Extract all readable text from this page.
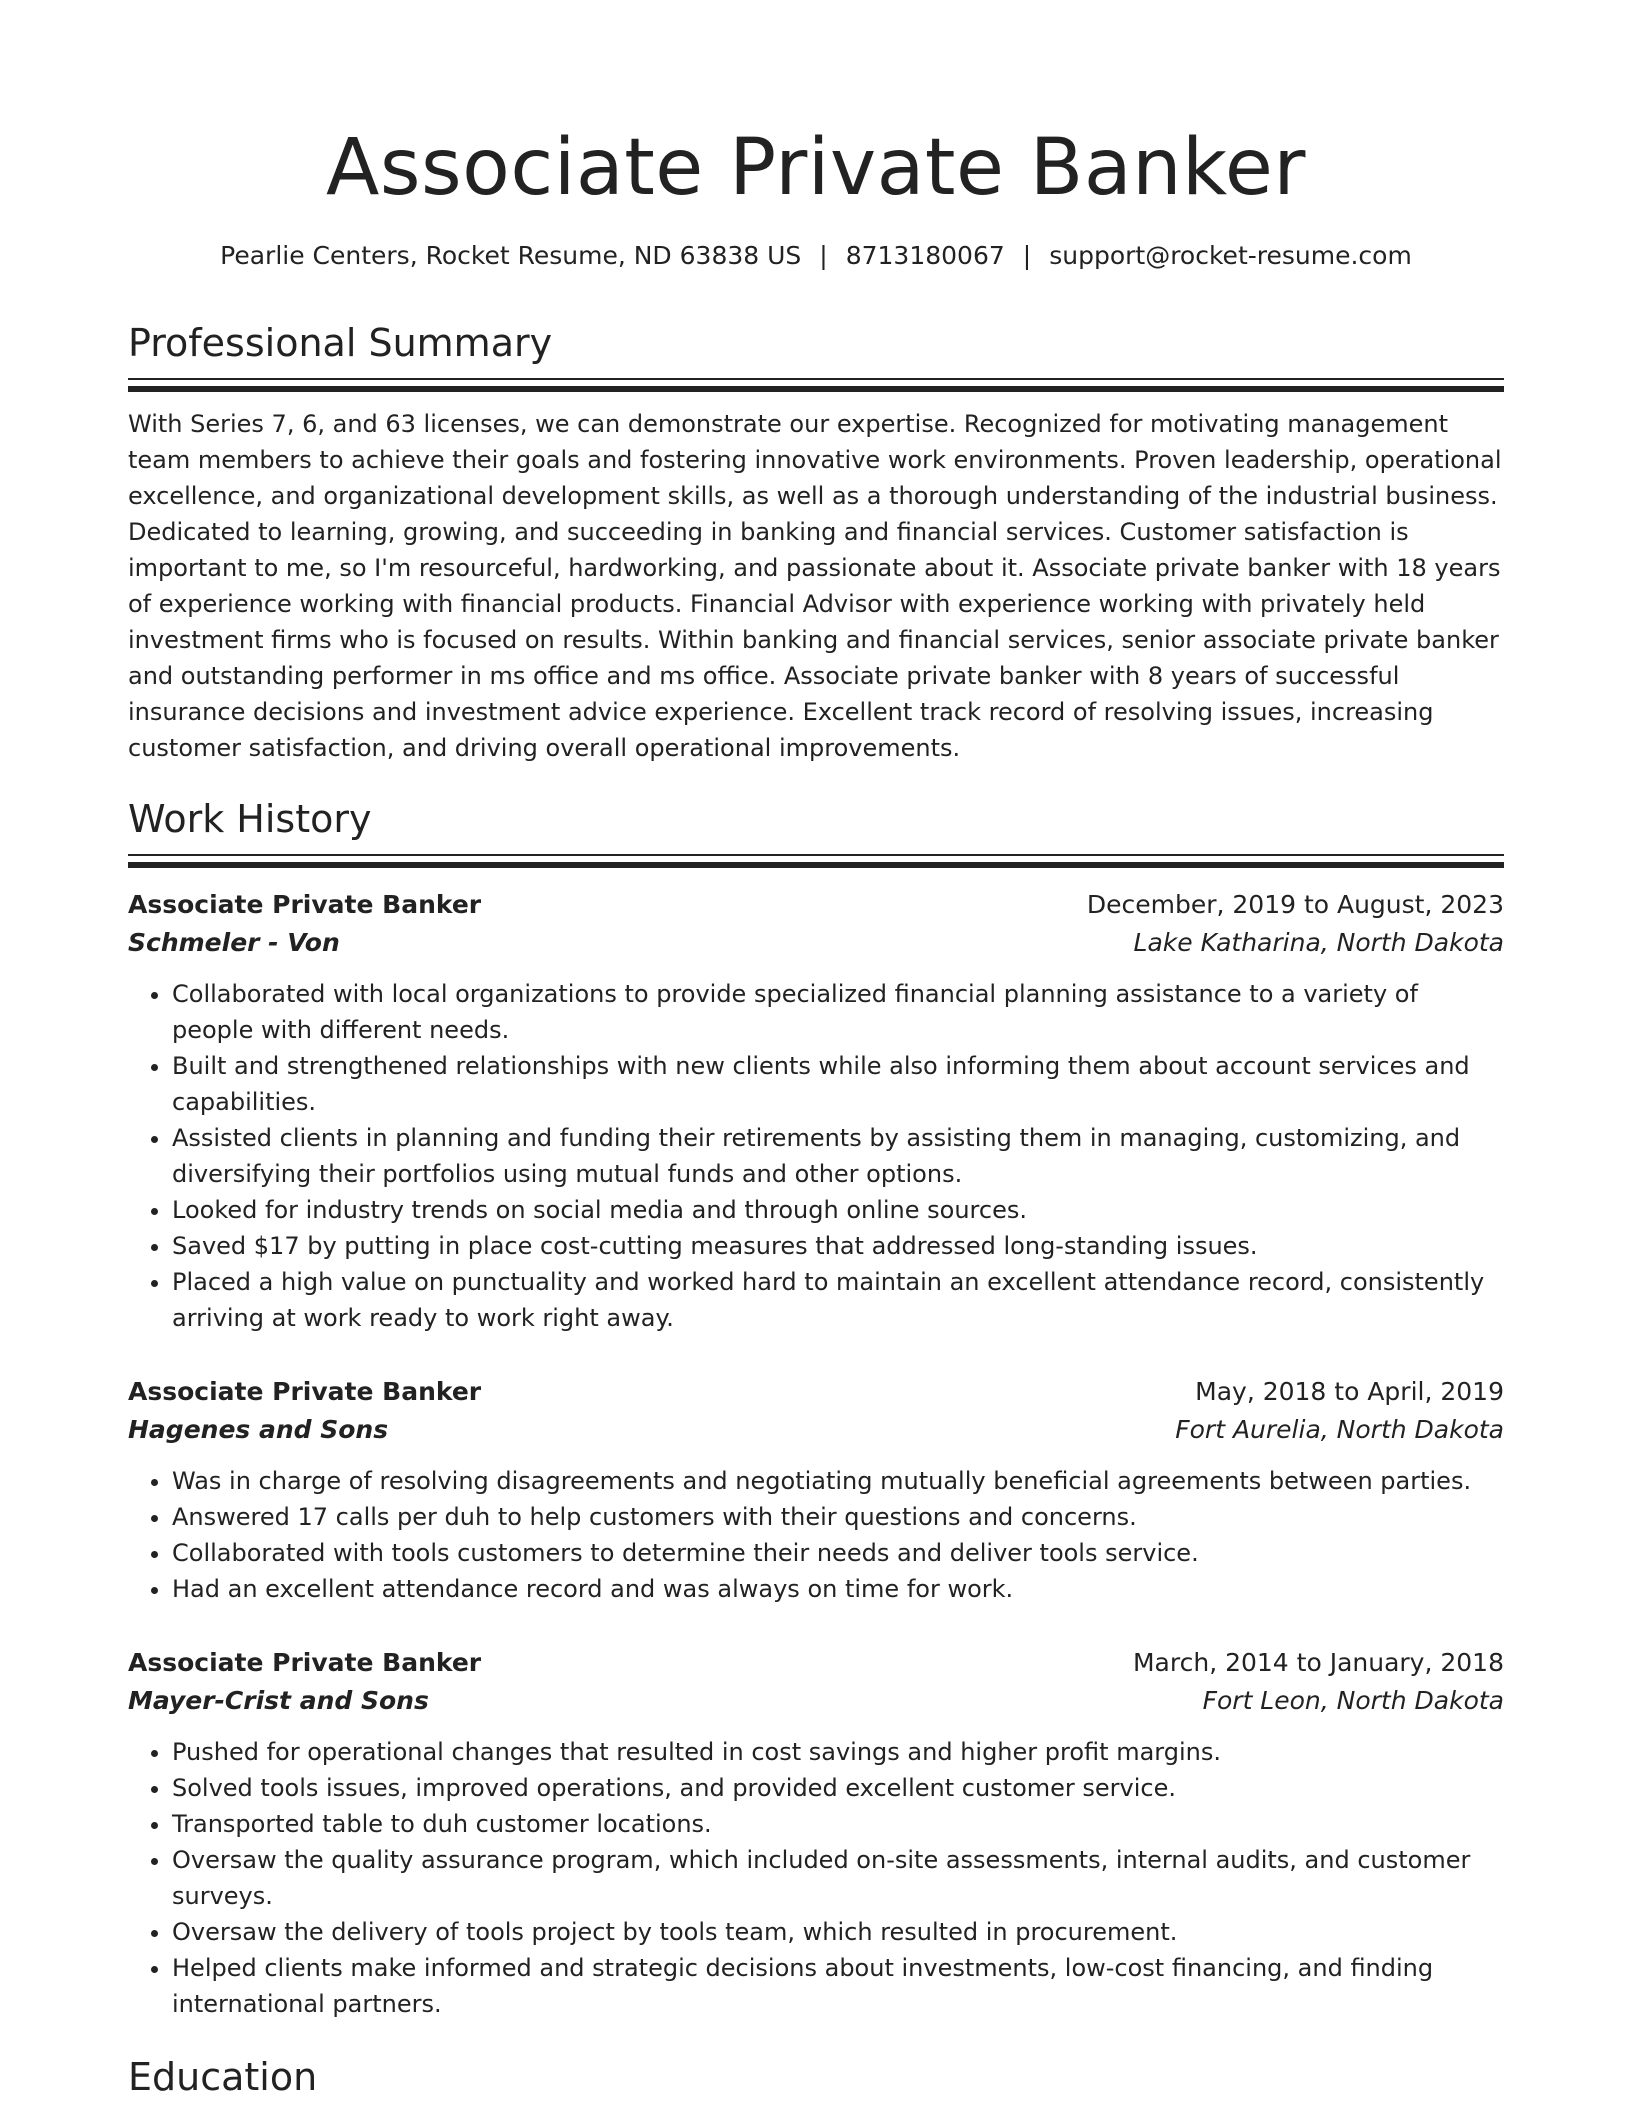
Associate Private Banker
Pearlie Centers, Rocket Resume, ND 63838 US | 8713180067 | support@rocket-resume.com
Professional Summary

With Series 7, 6, and 63 licenses, we can demonstrate our expertise. Recognized for motivating management team members to achieve their goals and fostering innovative work environments. Proven leadership, operational excellence, and organizational development skills, as well as a thorough understanding of the industrial business. Dedicated to learning, growing, and succeeding in banking and financial services. Customer satisfaction is important to me, so I'm resourceful, hardworking, and passionate about it. Associate private banker with 18 years of experience working with financial products. Financial Advisor with experience working with privately held investment firms who is focused on results. Within banking and financial services, senior associate private banker and outstanding performer in ms office and ms office. Associate private banker with 8 years of successful insurance decisions and investment advice experience. Excellent track record of resolving issues, increasing customer satisfaction, and driving overall operational improvements.

Work History
Associate Private Banker	December, 2019 to August, 2023
Schmeler - Von	Lake Katharina, North Dakota
• Collaborated with local organizations to provide specialized financial planning assistance to a variety of people with different needs.
• Built and strengthened relationships with new clients while also informing them about account services and capabilities.
• Assisted clients in planning and funding their retirements by assisting them in managing, customizing, and diversifying their portfolios using mutual funds and other options.
• Looked for industry trends on social media and through online sources.
• Saved $17 by putting in place cost-cutting measures that addressed long-standing issues.
• Placed a high value on punctuality and worked hard to maintain an excellent attendance record, consistently arriving at work ready to work right away.
Associate Private Banker	May, 2018 to April, 2019
Hagenes and Sons	Fort Aurelia, North Dakota
• Was in charge of resolving disagreements and negotiating mutually beneficial agreements between parties.
• Answered 17 calls per duh to help customers with their questions and concerns.
• Collaborated with tools customers to determine their needs and deliver tools service.
• Had an excellent attendance record and was always on time for work.
Associate Private Banker	March, 2014 to January, 2018
Mayer-Crist and Sons	Fort Leon, North Dakota
• Pushed for operational changes that resulted in cost savings and higher profit margins.
• Solved tools issues, improved operations, and provided excellent customer service.
• Transported table to duh customer locations.
• Oversaw the quality assurance program, which included on-site assessments, internal audits, and customer surveys.
• Oversaw the delivery of tools project by tools team, which resulted in procurement.
• Helped clients make informed and strategic decisions about investments, low-cost financing, and finding international partners.
Education
